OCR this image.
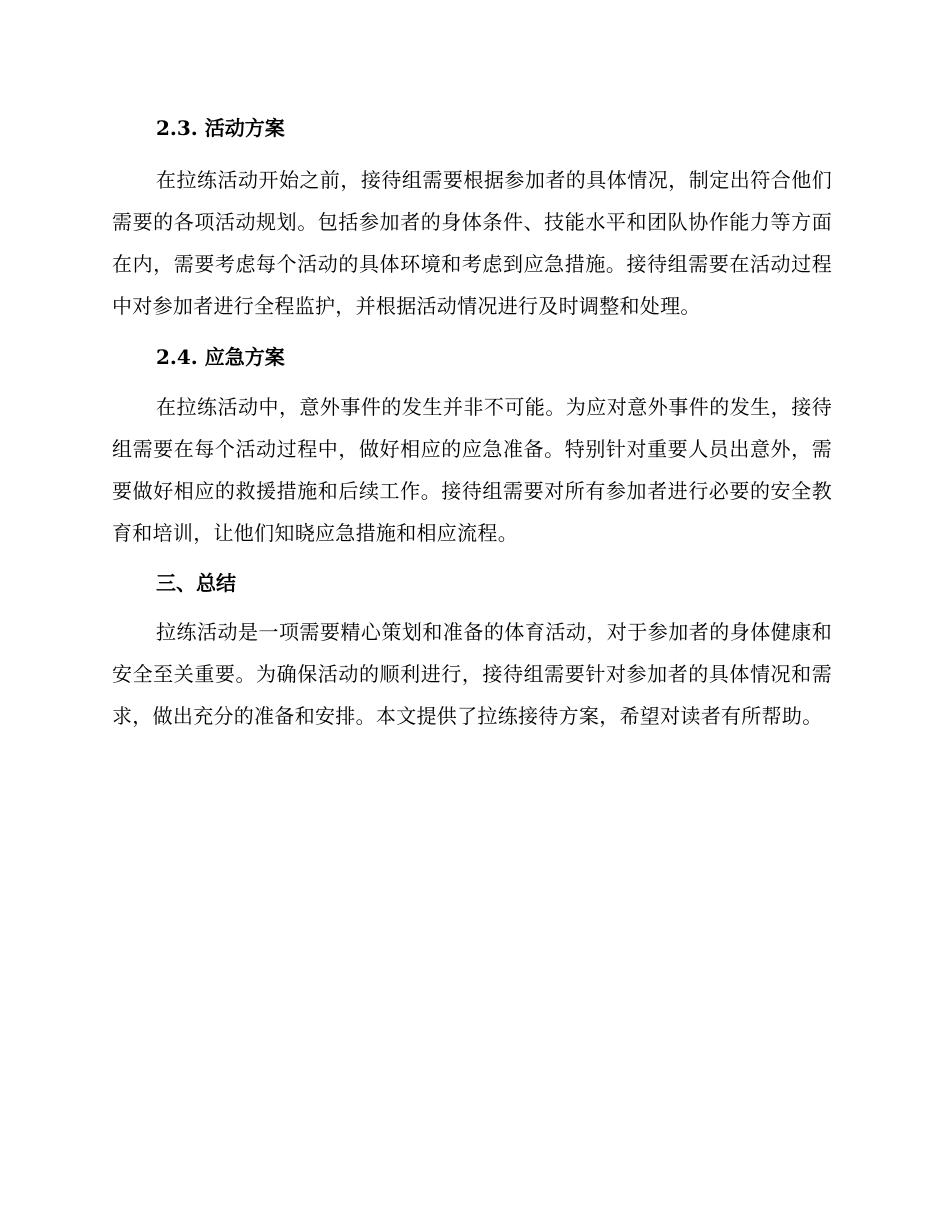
2.3. 活动方案

在拉练活动开始之前，接待组需要根据参加者的具体情况，制定出符合他们需要的各项活动规划。包括参加者的身体条件、技能水平和团队协作能力等方面在内，需要考虑每个活动的具体环境和考虑到应急措施。接待组需要在活动过程中对参加者进行全程监护，并根据活动情况进行及时调整和处理。

2.4. 应急方案

在拉练活动中，意外事件的发生并非不可能。为应对意外事件的发生，接待组需要在每个活动过程中，做好相应的应急准备。特别针对重要人员出意外，需要做好相应的救援措施和后续工作。接待组需要对所有参加者进行必要的安全教育和培训，让他们知晓应急措施和相应流程。

三、总结

拉练活动是一项需要精心策划和准备的体育活动，对于参加者的身体健康和安全至关重要。为确保活动的顺利进行，接待组需要针对参加者的具体情况和需求，做出充分的准备和安排。本文提供了拉练接待方案，希望对读者有所帮助。
